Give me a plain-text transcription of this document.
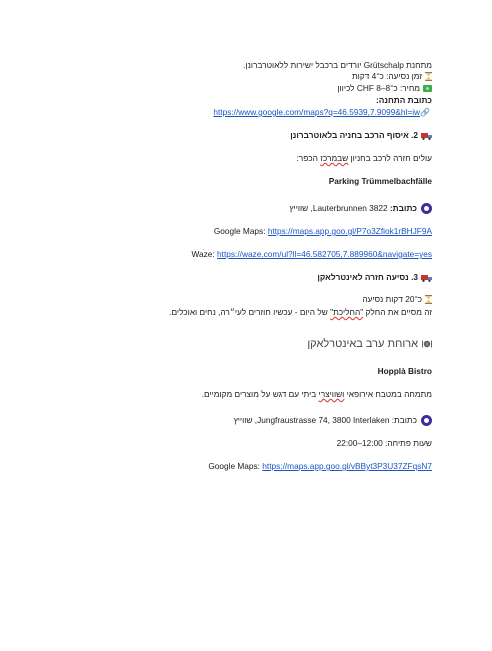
מתחנת Grütschalp יורדים ברכבל ישירות ללאוטרברונן.
זמן נסיעה: כ־4 דקות
מחיר: כ־8–CHF 8 לכיוון
כתובת התחנה:
🔗https://www.google.com/maps?q=46.5939,7.9099&hl=iw
2. איסוף הרכב בחניה בלאוטרברונן
עולים חזרה לרכב בחניון שבמרכז הכפר:
Parking Trümmelbachfälle
כתובת: 3822 Lauterbrunnen, שווייץ
Google Maps: https://maps.app.goo.gl/P7o3Zfiok1rBHJF9A
Waze: https://waze.com/ul?ll=46.582705,7.889960&navigate=yes
3. נסיעה חזרה לאינטרלאקן
כ־20 דקות נסיעה
זה מסיים את החלק "החליכת" של היום - עכשיו חוזרים לעי״רה, נחים ואוכלים.
ארוחת ערב באינטרלאקן
Hopplà Bistro
מתמחה במטבח אירופאי ושוויצרי ביתי עם דגש על מוצרים מקומיים.
כתובת: Jungfraustrasse 74, 3800 Interlaken, שווייץ
שעות פתיחה: 12:00–22:00
Google Maps: https://maps.app.goo.gl/vBByt3P3U37ZFqsN7
